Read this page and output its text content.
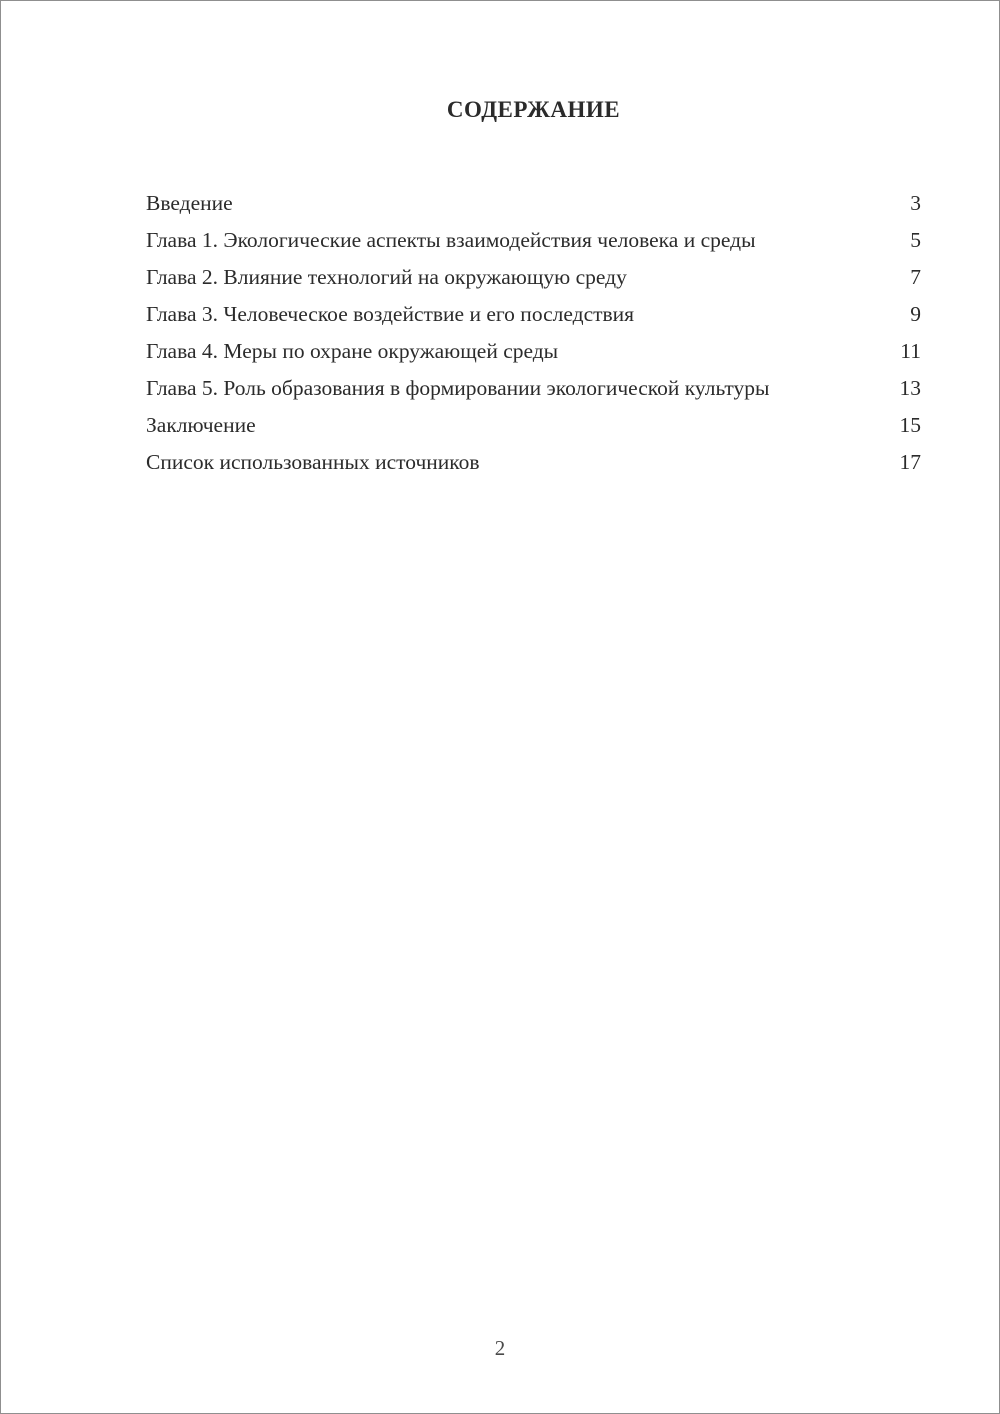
СОДЕРЖАНИЕ
Введение	3
Глава 1. Экологические аспекты взаимодействия человека и среды	5
Глава 2. Влияние технологий на окружающую среду	7
Глава 3. Человеческое воздействие и его последствия	9
Глава 4. Меры по охране окружающей среды	11
Глава 5. Роль образования в формировании экологической культуры	13
Заключение	15
Список использованных источников	17
2
